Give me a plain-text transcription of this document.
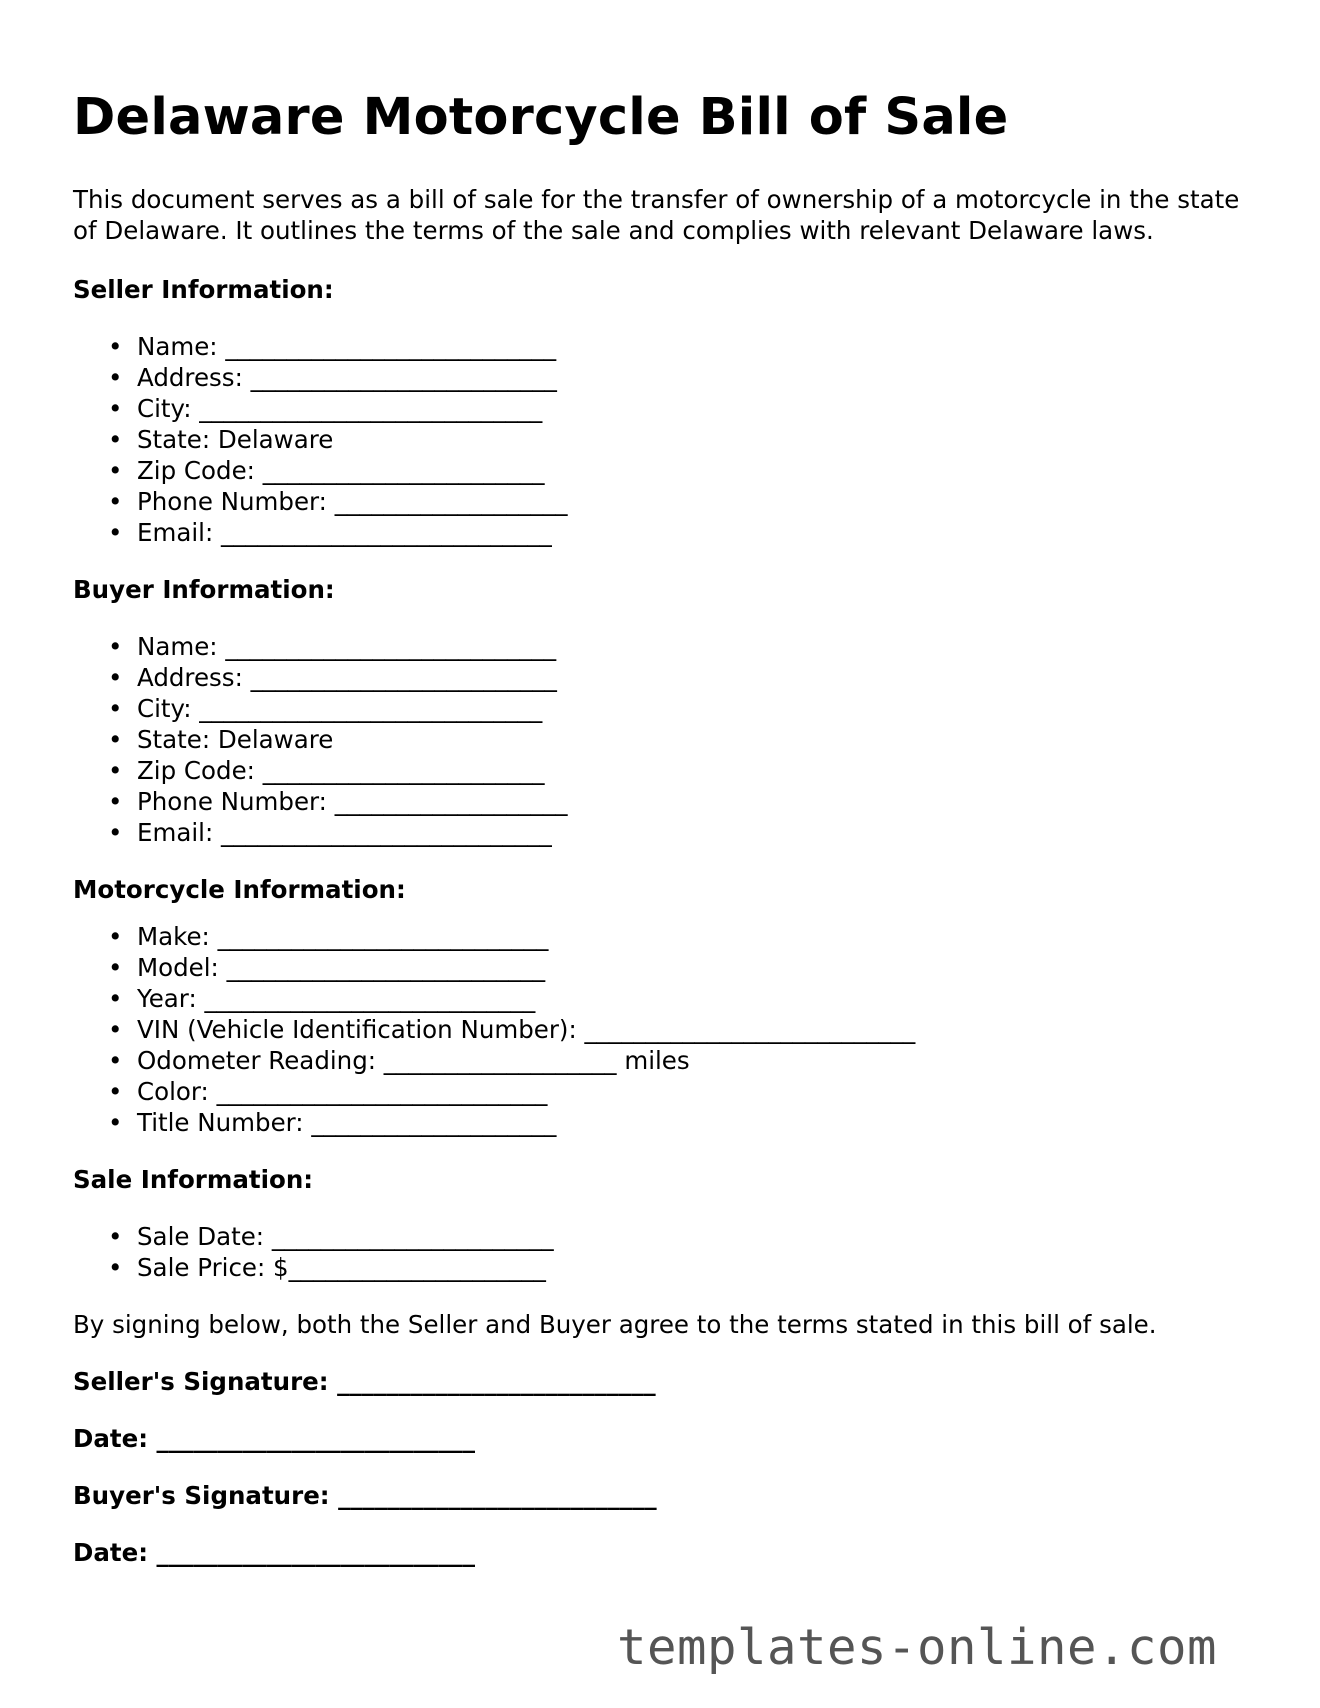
Delaware Motorcycle Bill of Sale

This document serves as a bill of sale for the transfer of ownership of a motorcycle in the state of Delaware. It outlines the terms of the sale and complies with relevant Delaware laws.

Seller Information:
• Name: ___________________________
• Address: _________________________
• City: ____________________________
• State: Delaware
• Zip Code: _______________________
• Phone Number: ___________________
• Email: ___________________________
Buyer Information:
• Name: ___________________________
• Address: _________________________
• City: ____________________________
• State: Delaware
• Zip Code: _______________________
• Phone Number: ___________________
• Email: ___________________________
Motorcycle Information:
• Make: ___________________________
• Model: __________________________
• Year: ___________________________
• VIN (Vehicle Identification Number): ___________________________
• Odometer Reading: ___________________ miles
• Color: ___________________________
• Title Number: ____________________
Sale Information:
• Sale Date: _______________________
• Sale Price: $_____________________

By signing below, both the Seller and Buyer agree to the terms stated in this bill of sale.

Seller's Signature: __________________________
Date: __________________________
Buyer's Signature: __________________________
Date: __________________________
templates-online.com
